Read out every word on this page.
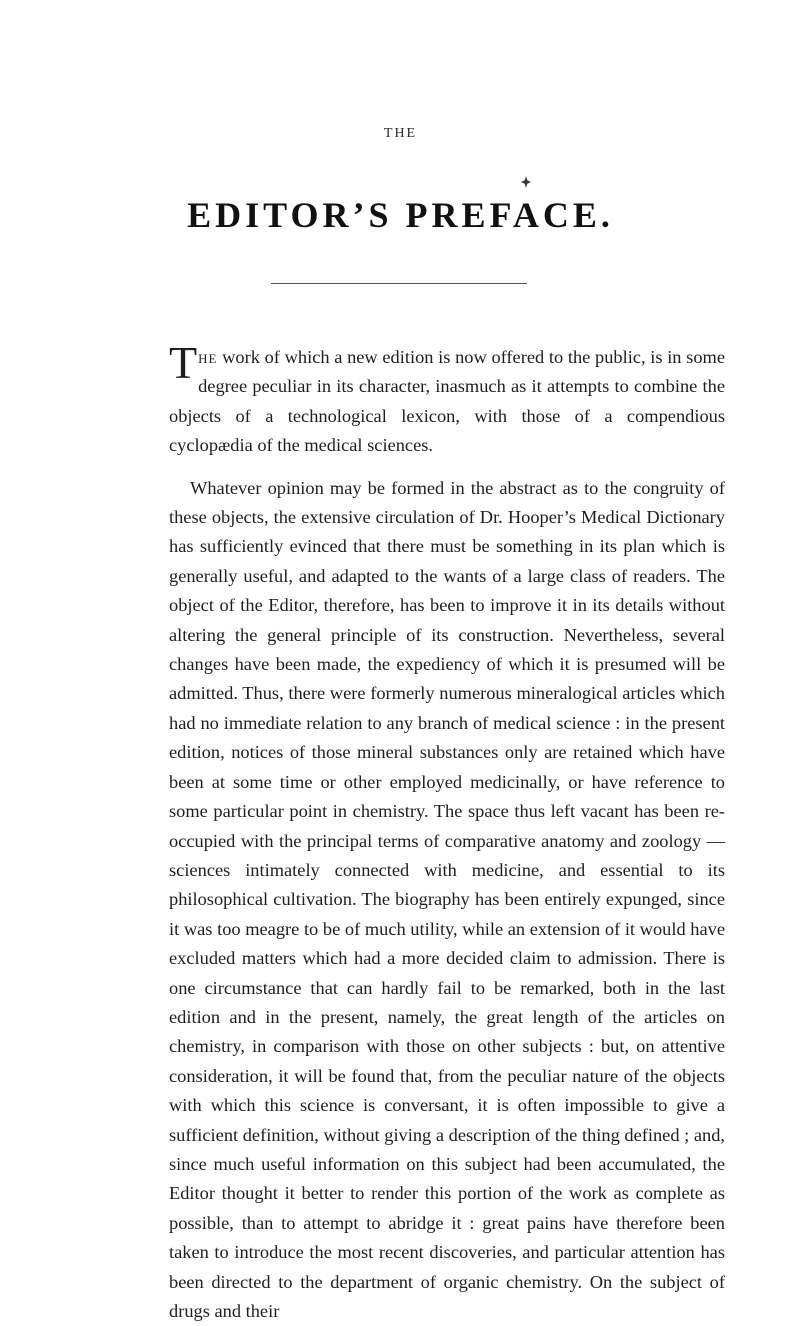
THE
EDITOR’S PREFACE.

The work of which a new edition is now offered to the public, is in some degree peculiar in its character, inasmuch as it attempts to combine the objects of a technological lexicon, with those of a compendious cyclopædia of the medical sciences.

Whatever opinion may be formed in the abstract as to the congruity of these objects, the extensive circulation of Dr. Hooper’s Medical Dictionary has sufficiently evinced that there must be something in its plan which is generally useful, and adapted to the wants of a large class of readers. The object of the Editor, therefore, has been to improve it in its details without altering the general principle of its construction. Nevertheless, several changes have been made, the expediency of which it is presumed will be admitted. Thus, there were formerly numerous mineralogical articles which had no immediate relation to any branch of medical science : in the present edition, notices of those mineral substances only are retained which have been at some time or other employed medicinally, or have reference to some particular point in chemistry. The space thus left vacant has been re-occupied with the principal terms of comparative anatomy and zoology — sciences intimately connected with medicine, and essential to its philosophical cultivation. The biography has been entirely expunged, since it was too meagre to be of much utility, while an extension of it would have excluded matters which had a more decided claim to admission. There is one circumstance that can hardly fail to be remarked, both in the last edition and in the present, namely, the great length of the articles on chemistry, in comparison with those on other subjects : but, on attentive consideration, it will be found that, from the peculiar nature of the objects with which this science is conversant, it is often impossible to give a sufficient definition, without giving a description of the thing defined ; and, since much useful information on this subject had been accumulated, the Editor thought it better to render this portion of the work as complete as possible, than to attempt to abridge it : great pains have therefore been taken to introduce the most recent discoveries, and particular attention has been directed to the department of organic chemistry. On the subject of drugs and their
